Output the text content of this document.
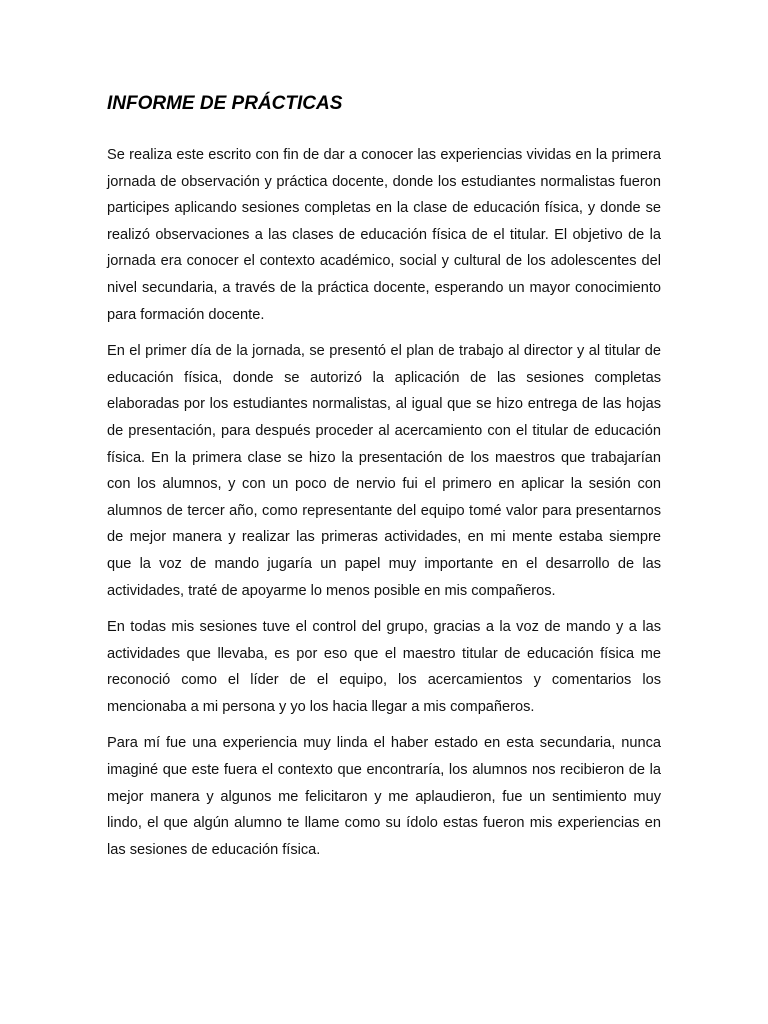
INFORME DE PRÁCTICAS

Se realiza este escrito con fin de dar a conocer las experiencias vividas en la primera jornada de observación y práctica docente, donde los estudiantes normalistas fueron participes aplicando sesiones completas en la clase de educación física, y donde se realizó observaciones a las clases de educación física de el titular. El objetivo de la jornada era conocer el contexto académico, social y cultural de los adolescentes del nivel secundaria, a través de la práctica docente, esperando un mayor conocimiento para formación docente.

En el primer día de la jornada, se presentó el plan de trabajo al director y al titular de educación física, donde se autorizó la aplicación de las sesiones completas elaboradas por los estudiantes normalistas, al igual que se hizo entrega de las hojas de presentación, para después proceder al acercamiento con el titular de educación física. En la primera clase se hizo la presentación de los maestros que trabajarían con los alumnos, y con un poco de nervio fui el primero en aplicar la sesión con alumnos de tercer año, como representante del equipo tomé valor para presentarnos de mejor manera y realizar las primeras actividades, en mi mente estaba siempre que la voz de mando jugaría un papel muy importante en el desarrollo de las actividades, traté de apoyarme lo menos posible en mis compañeros.

En todas mis sesiones tuve el control del grupo, gracias a la voz de mando y a las actividades que llevaba, es por eso que el maestro titular de educación física me reconoció como el líder de el equipo, los acercamientos y comentarios los mencionaba a mi persona y yo los hacia llegar a mis compañeros.

Para mí fue una experiencia muy linda el haber estado en esta secundaria, nunca imaginé que este fuera el contexto que encontraría, los alumnos nos recibieron de la mejor manera y algunos me felicitaron y me aplaudieron, fue un sentimiento muy lindo, el que algún alumno te llame como su ídolo estas fueron mis experiencias en las sesiones de educación física.
